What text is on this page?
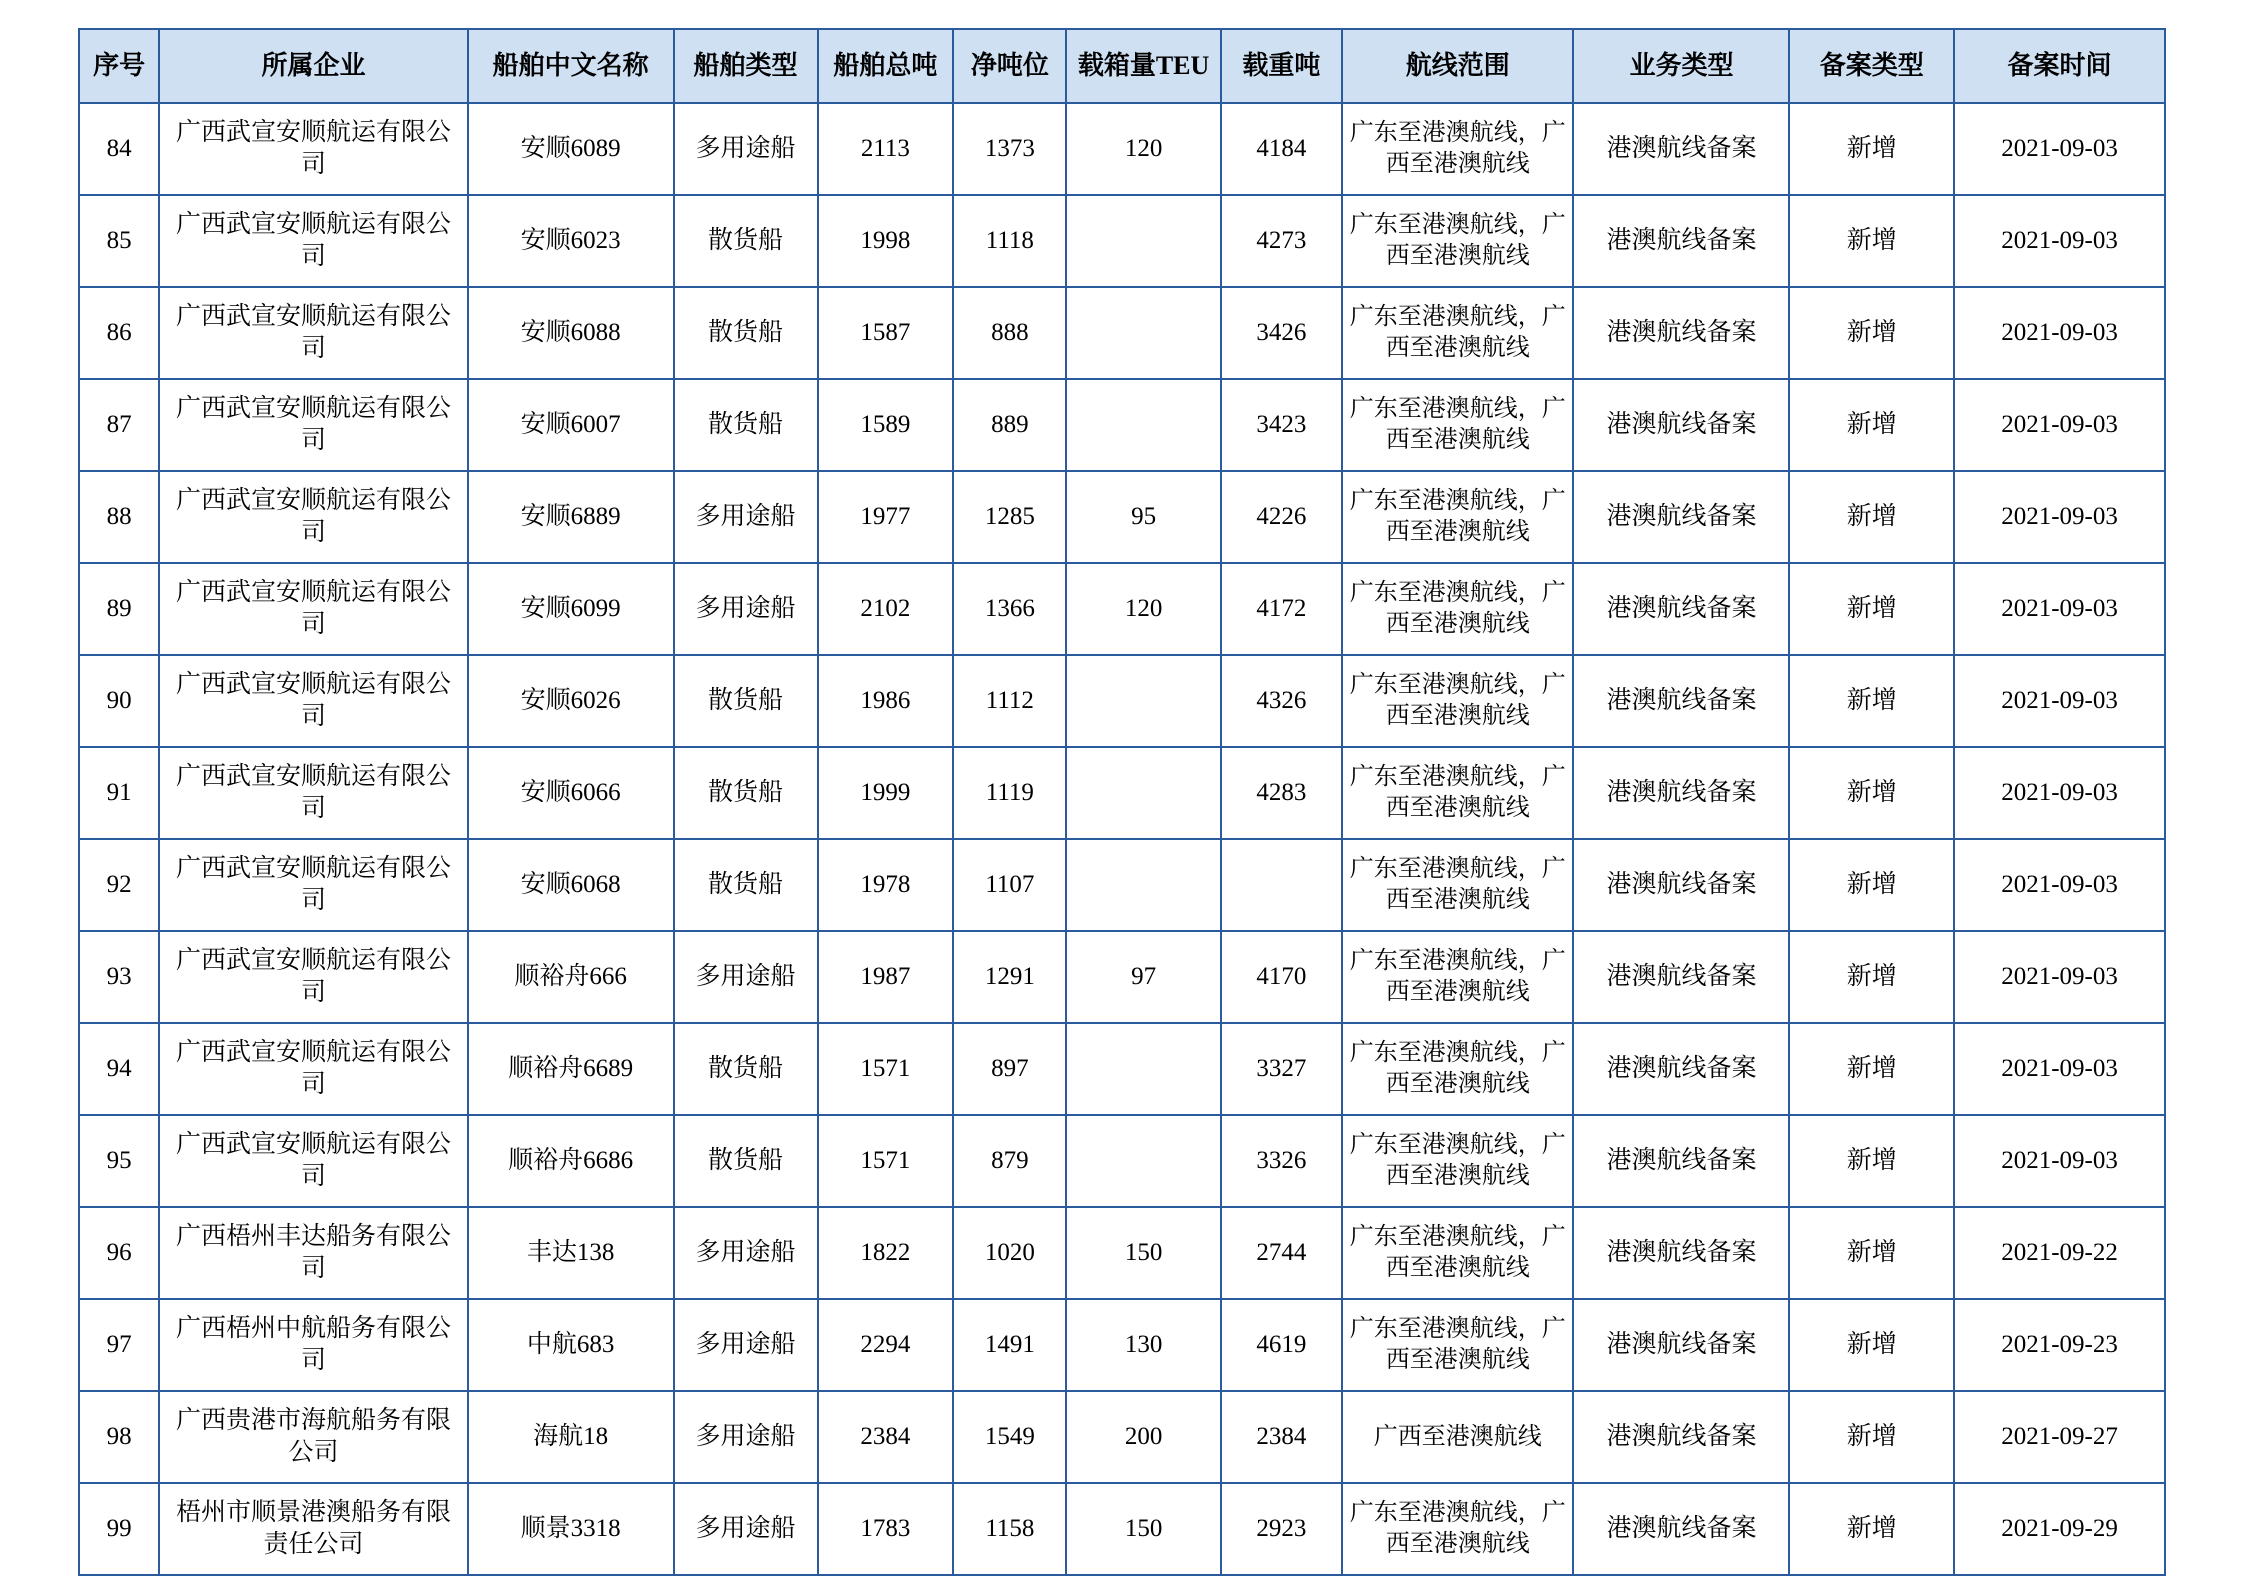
序号	所属企业	船舶中文名称	船舶类型	船舶总吨	净吨位	载箱量TEU	载重吨	航线范围	业务类型	备案类型	备案时间
84	广西武宣安顺航运有限公司	安顺6089	多用途船	2113	1373	120	4184	广东至港澳航线，广西至港澳航线	港澳航线备案	新增	2021-09-03
85	广西武宣安顺航运有限公司	安顺6023	散货船	1998	1118		4273	广东至港澳航线，广西至港澳航线	港澳航线备案	新增	2021-09-03
86	广西武宣安顺航运有限公司	安顺6088	散货船	1587	888		3426	广东至港澳航线，广西至港澳航线	港澳航线备案	新增	2021-09-03
87	广西武宣安顺航运有限公司	安顺6007	散货船	1589	889		3423	广东至港澳航线，广西至港澳航线	港澳航线备案	新增	2021-09-03
88	广西武宣安顺航运有限公司	安顺6889	多用途船	1977	1285	95	4226	广东至港澳航线，广西至港澳航线	港澳航线备案	新增	2021-09-03
89	广西武宣安顺航运有限公司	安顺6099	多用途船	2102	1366	120	4172	广东至港澳航线，广西至港澳航线	港澳航线备案	新增	2021-09-03
90	广西武宣安顺航运有限公司	安顺6026	散货船	1986	1112		4326	广东至港澳航线，广西至港澳航线	港澳航线备案	新增	2021-09-03
91	广西武宣安顺航运有限公司	安顺6066	散货船	1999	1119		4283	广东至港澳航线，广西至港澳航线	港澳航线备案	新增	2021-09-03
92	广西武宣安顺航运有限公司	安顺6068	散货船	1978	1107			广东至港澳航线，广西至港澳航线	港澳航线备案	新增	2021-09-03
93	广西武宣安顺航运有限公司	顺裕舟666	多用途船	1987	1291	97	4170	广东至港澳航线，广西至港澳航线	港澳航线备案	新增	2021-09-03
94	广西武宣安顺航运有限公司	顺裕舟6689	散货船	1571	897		3327	广东至港澳航线，广西至港澳航线	港澳航线备案	新增	2021-09-03
95	广西武宣安顺航运有限公司	顺裕舟6686	散货船	1571	879		3326	广东至港澳航线，广西至港澳航线	港澳航线备案	新增	2021-09-03
96	广西梧州丰达船务有限公司	丰达138	多用途船	1822	1020	150	2744	广东至港澳航线，广西至港澳航线	港澳航线备案	新增	2021-09-22
97	广西梧州中航船务有限公司	中航683	多用途船	2294	1491	130	4619	广东至港澳航线，广西至港澳航线	港澳航线备案	新增	2021-09-23
98	广西贵港市海航船务有限公司	海航18	多用途船	2384	1549	200	2384	广西至港澳航线	港澳航线备案	新增	2021-09-27
99	梧州市顺景港澳船务有限责任公司	顺景3318	多用途船	1783	1158	150	2923	广东至港澳航线，广西至港澳航线	港澳航线备案	新增	2021-09-29
